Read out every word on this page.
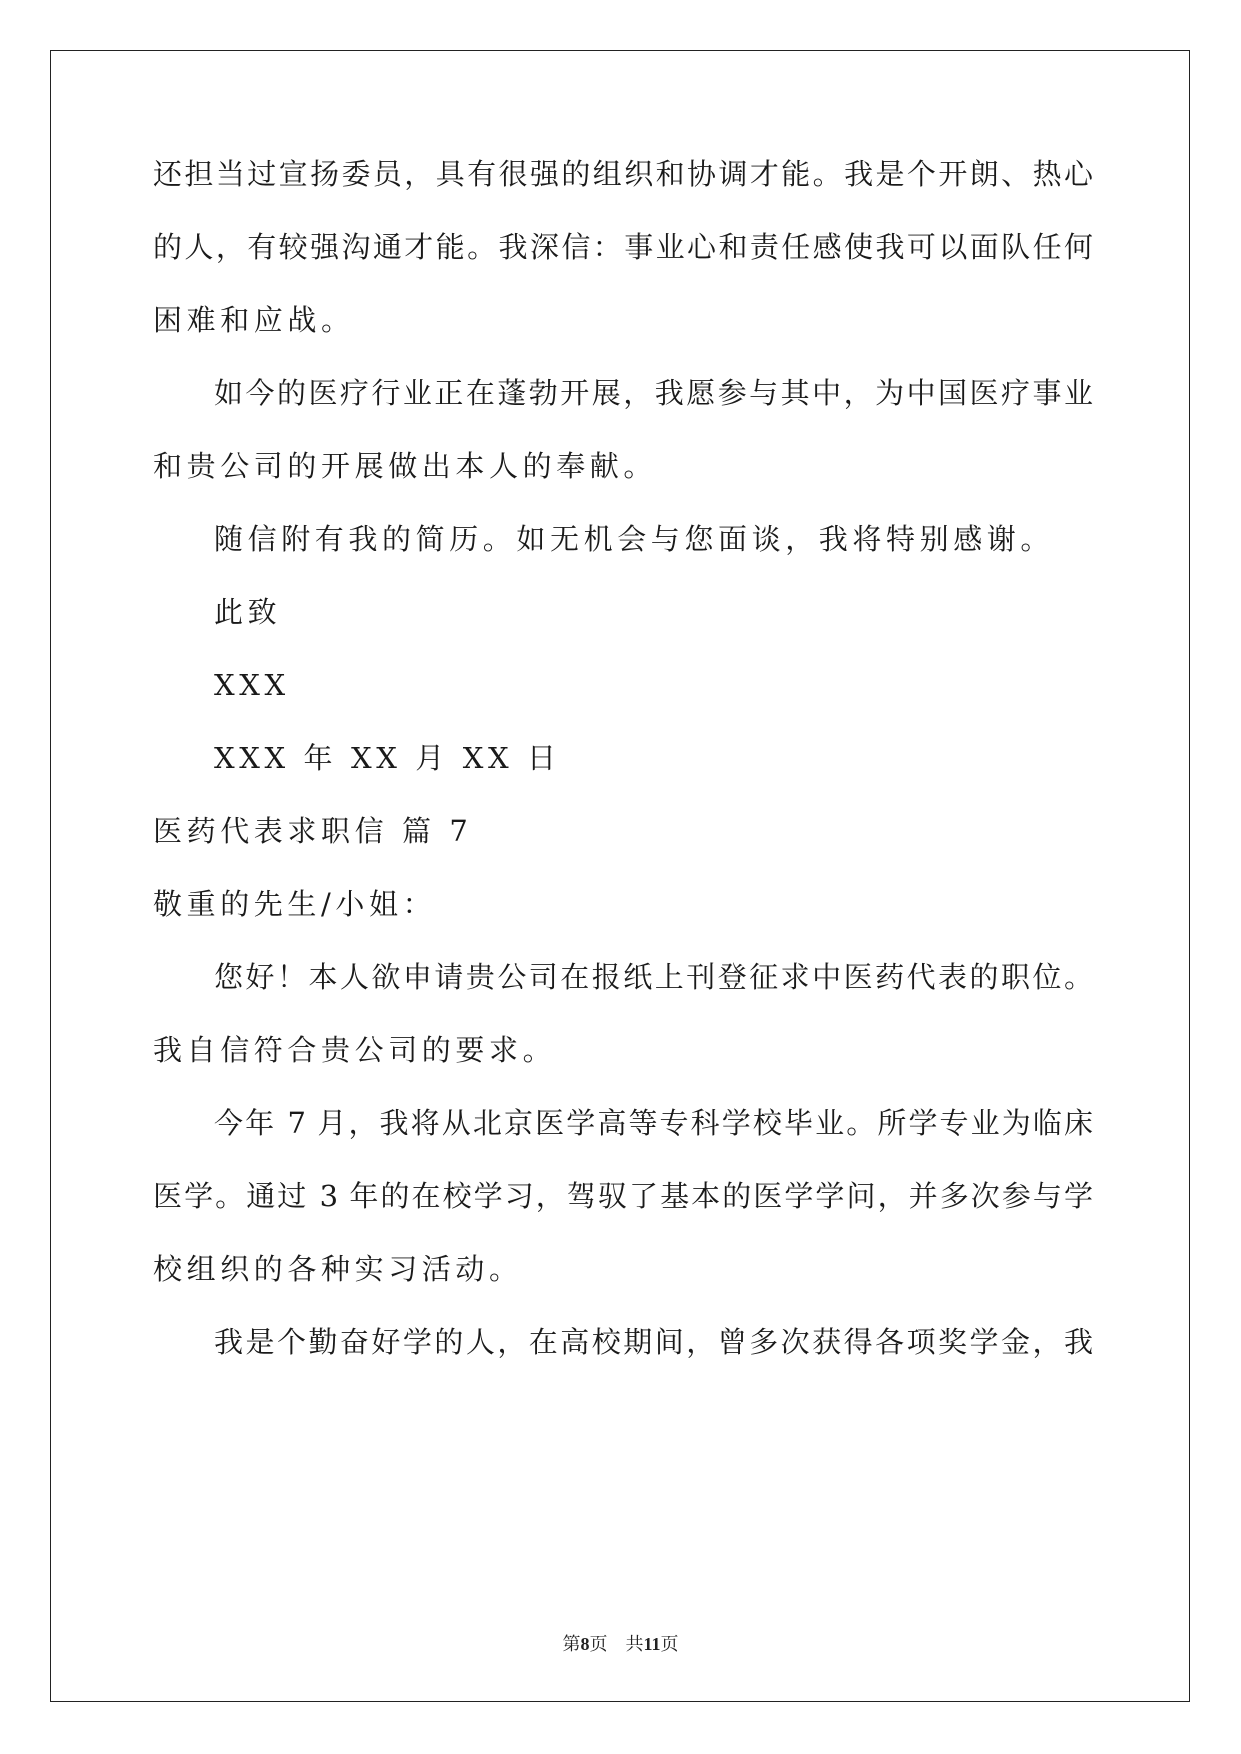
还担当过宣扬委员，具有很强的组织和协调才能。我是个开朗、热心
的人，有较强沟通才能。我深信：事业心和责任感使我可以面队任何
困难和应战。
如今的医疗行业正在蓬勃开展，我愿参与其中，为中国医疗事业
和贵公司的开展做出本人的奉献。
随信附有我的简历。如无机会与您面谈，我将特别感谢。
此致
XXX
XXX 年 XX 月 XX 日
医药代表求职信 篇 7
敬重的先生/小姐：
您好！本人欲申请贵公司在报纸上刊登征求中医药代表的职位。
我自信符合贵公司的要求。
今年 7 月，我将从北京医学高等专科学校毕业。所学专业为临床
医学。通过 3 年的在校学习，驾驭了基本的医学学问，并多次参与学
校组织的各种实习活动。
我是个勤奋好学的人，在高校期间，曾多次获得各项奖学金，我
第8页 共11页
